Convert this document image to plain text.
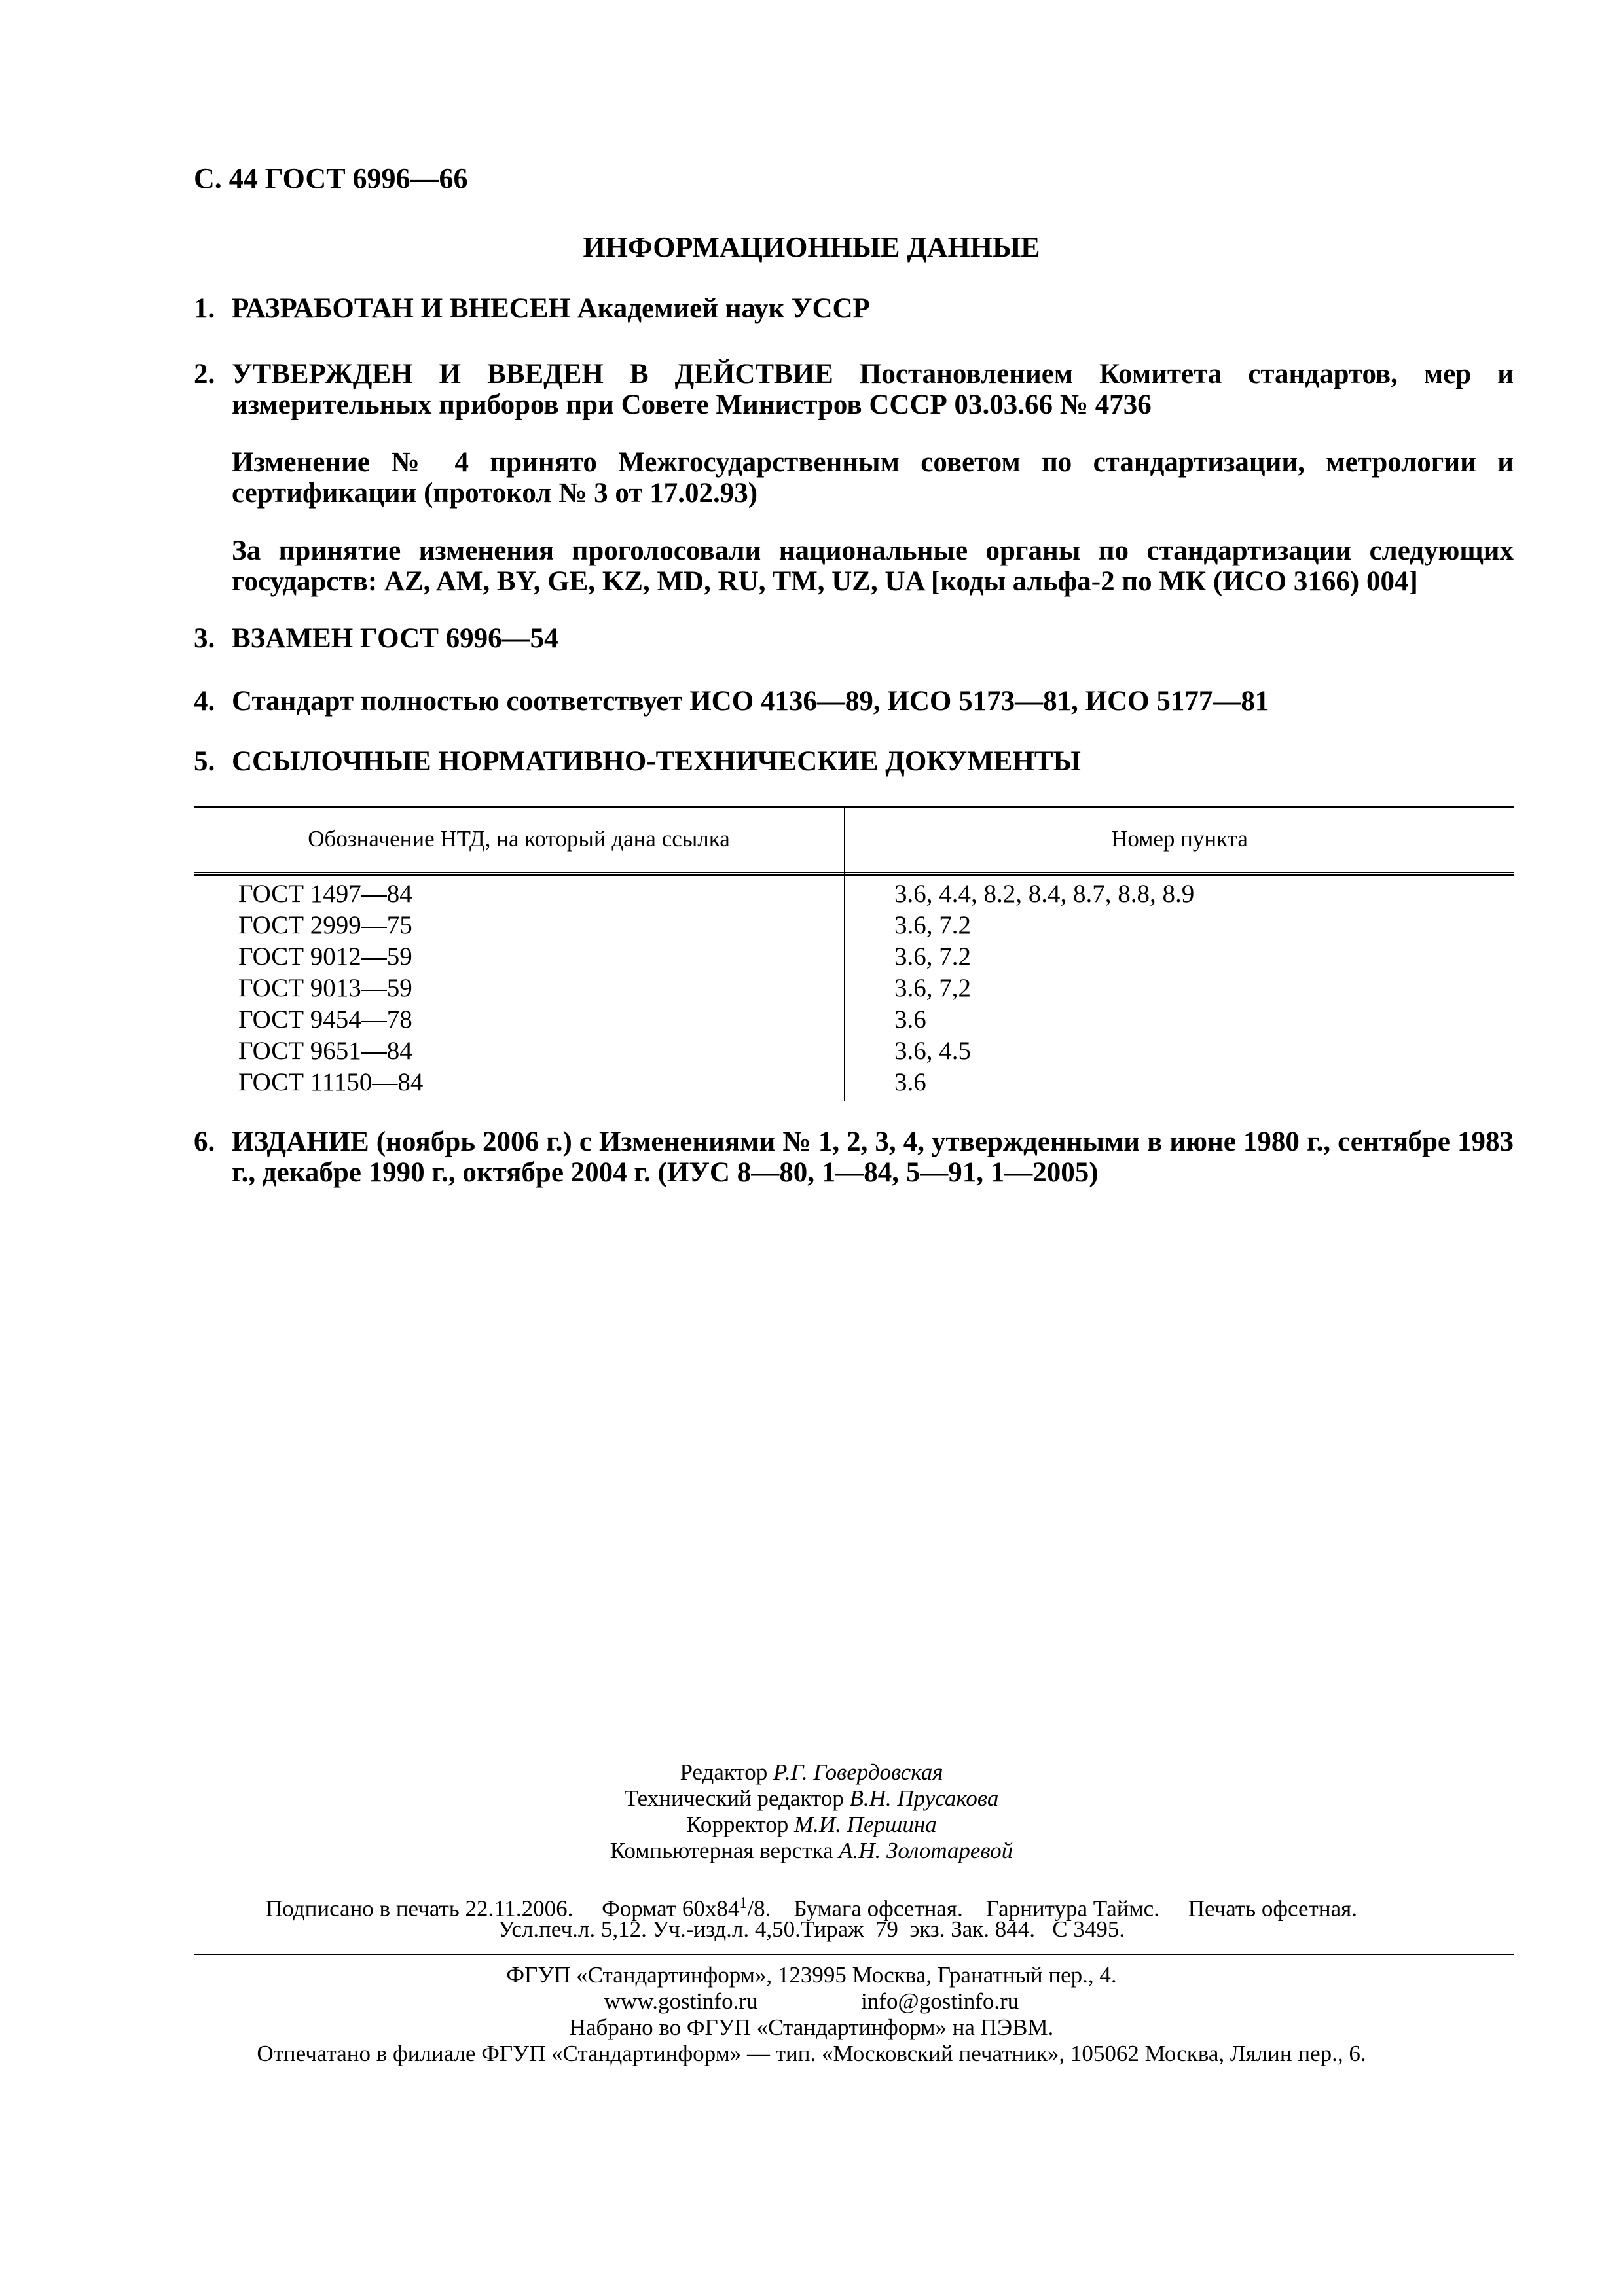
С. 44 ГОСТ 6996—66
ИНФОРМАЦИОННЫЕ ДАННЫЕ
1. РАЗРАБОТАН И ВНЕСЕН Академией наук УССР
2. УТВЕРЖДЕН И ВВЕДЕН В ДЕЙСТВИЕ Постановлением Комитета стандартов, мер и измерительных приборов при Совете Министров СССР 03.03.66 № 4736
Изменение № 4 принято Межгосударственным советом по стандартизации, метрологии и сертификации (протокол № 3 от 17.02.93)
За принятие изменения проголосовали национальные органы по стандартизации следующих государств: AZ, AM, BY, GE, KZ, MD, RU, TM, UZ, UA [коды альфа-2 по МК (ИСО 3166) 004]
3. ВЗАМЕН ГОСТ 6996—54
4. Стандарт полностью соответствует ИСО 4136—89, ИСО 5173—81, ИСО 5177—81
5. ССЫЛОЧНЫЕ НОРМАТИВНО-ТЕХНИЧЕСКИЕ ДОКУМЕНТЫ
Обозначение НТД, на который дана ссылка	Номер пункта
ГОСТ 1497—84	3.6, 4.4, 8.2, 8.4, 8.7, 8.8, 8.9
ГОСТ 2999—75	3.6, 7.2
ГОСТ 9012—59	3.6, 7.2
ГОСТ 9013—59	3.6, 7,2
ГОСТ 9454—78	3.6
ГОСТ 9651—84	3.6, 4.5
ГОСТ 11150—84	3.6
6. ИЗДАНИЕ (ноябрь 2006 г.) с Изменениями № 1, 2, 3, 4, утвержденными в июне 1980 г., сентябре 1983 г., декабре 1990 г., октябре 2004 г. (ИУС 8—80, 1—84, 5—91, 1—2005)
Редактор Р.Г. Говердовская
Технический редактор В.Н. Прусакова
Корректор М.И. Першина
Компьютерная верстка А.Н. Золотаревой
Подписано в печать 22.11.2006.     Формат $60x84^1/8$.    Бумага офсетная.    Гарнитура Таймс.     Печать офсетная.
Усл.печ.л. 5,12. Уч.-изд.л. 4,50.Тираж  79  экз. Зак. 844.   С 3495.
ФГУП «Стандартинформ», 123995 Москва, Гранатный пер., 4.
www.gostinfo.ru                  info@gostinfo.ru
Набрано во ФГУП «Стандартинформ» на ПЭВМ.
Отпечатано в филиале ФГУП «Стандартинформ» — тип. «Московский печатник», 105062 Москва, Лялин пер., 6.
